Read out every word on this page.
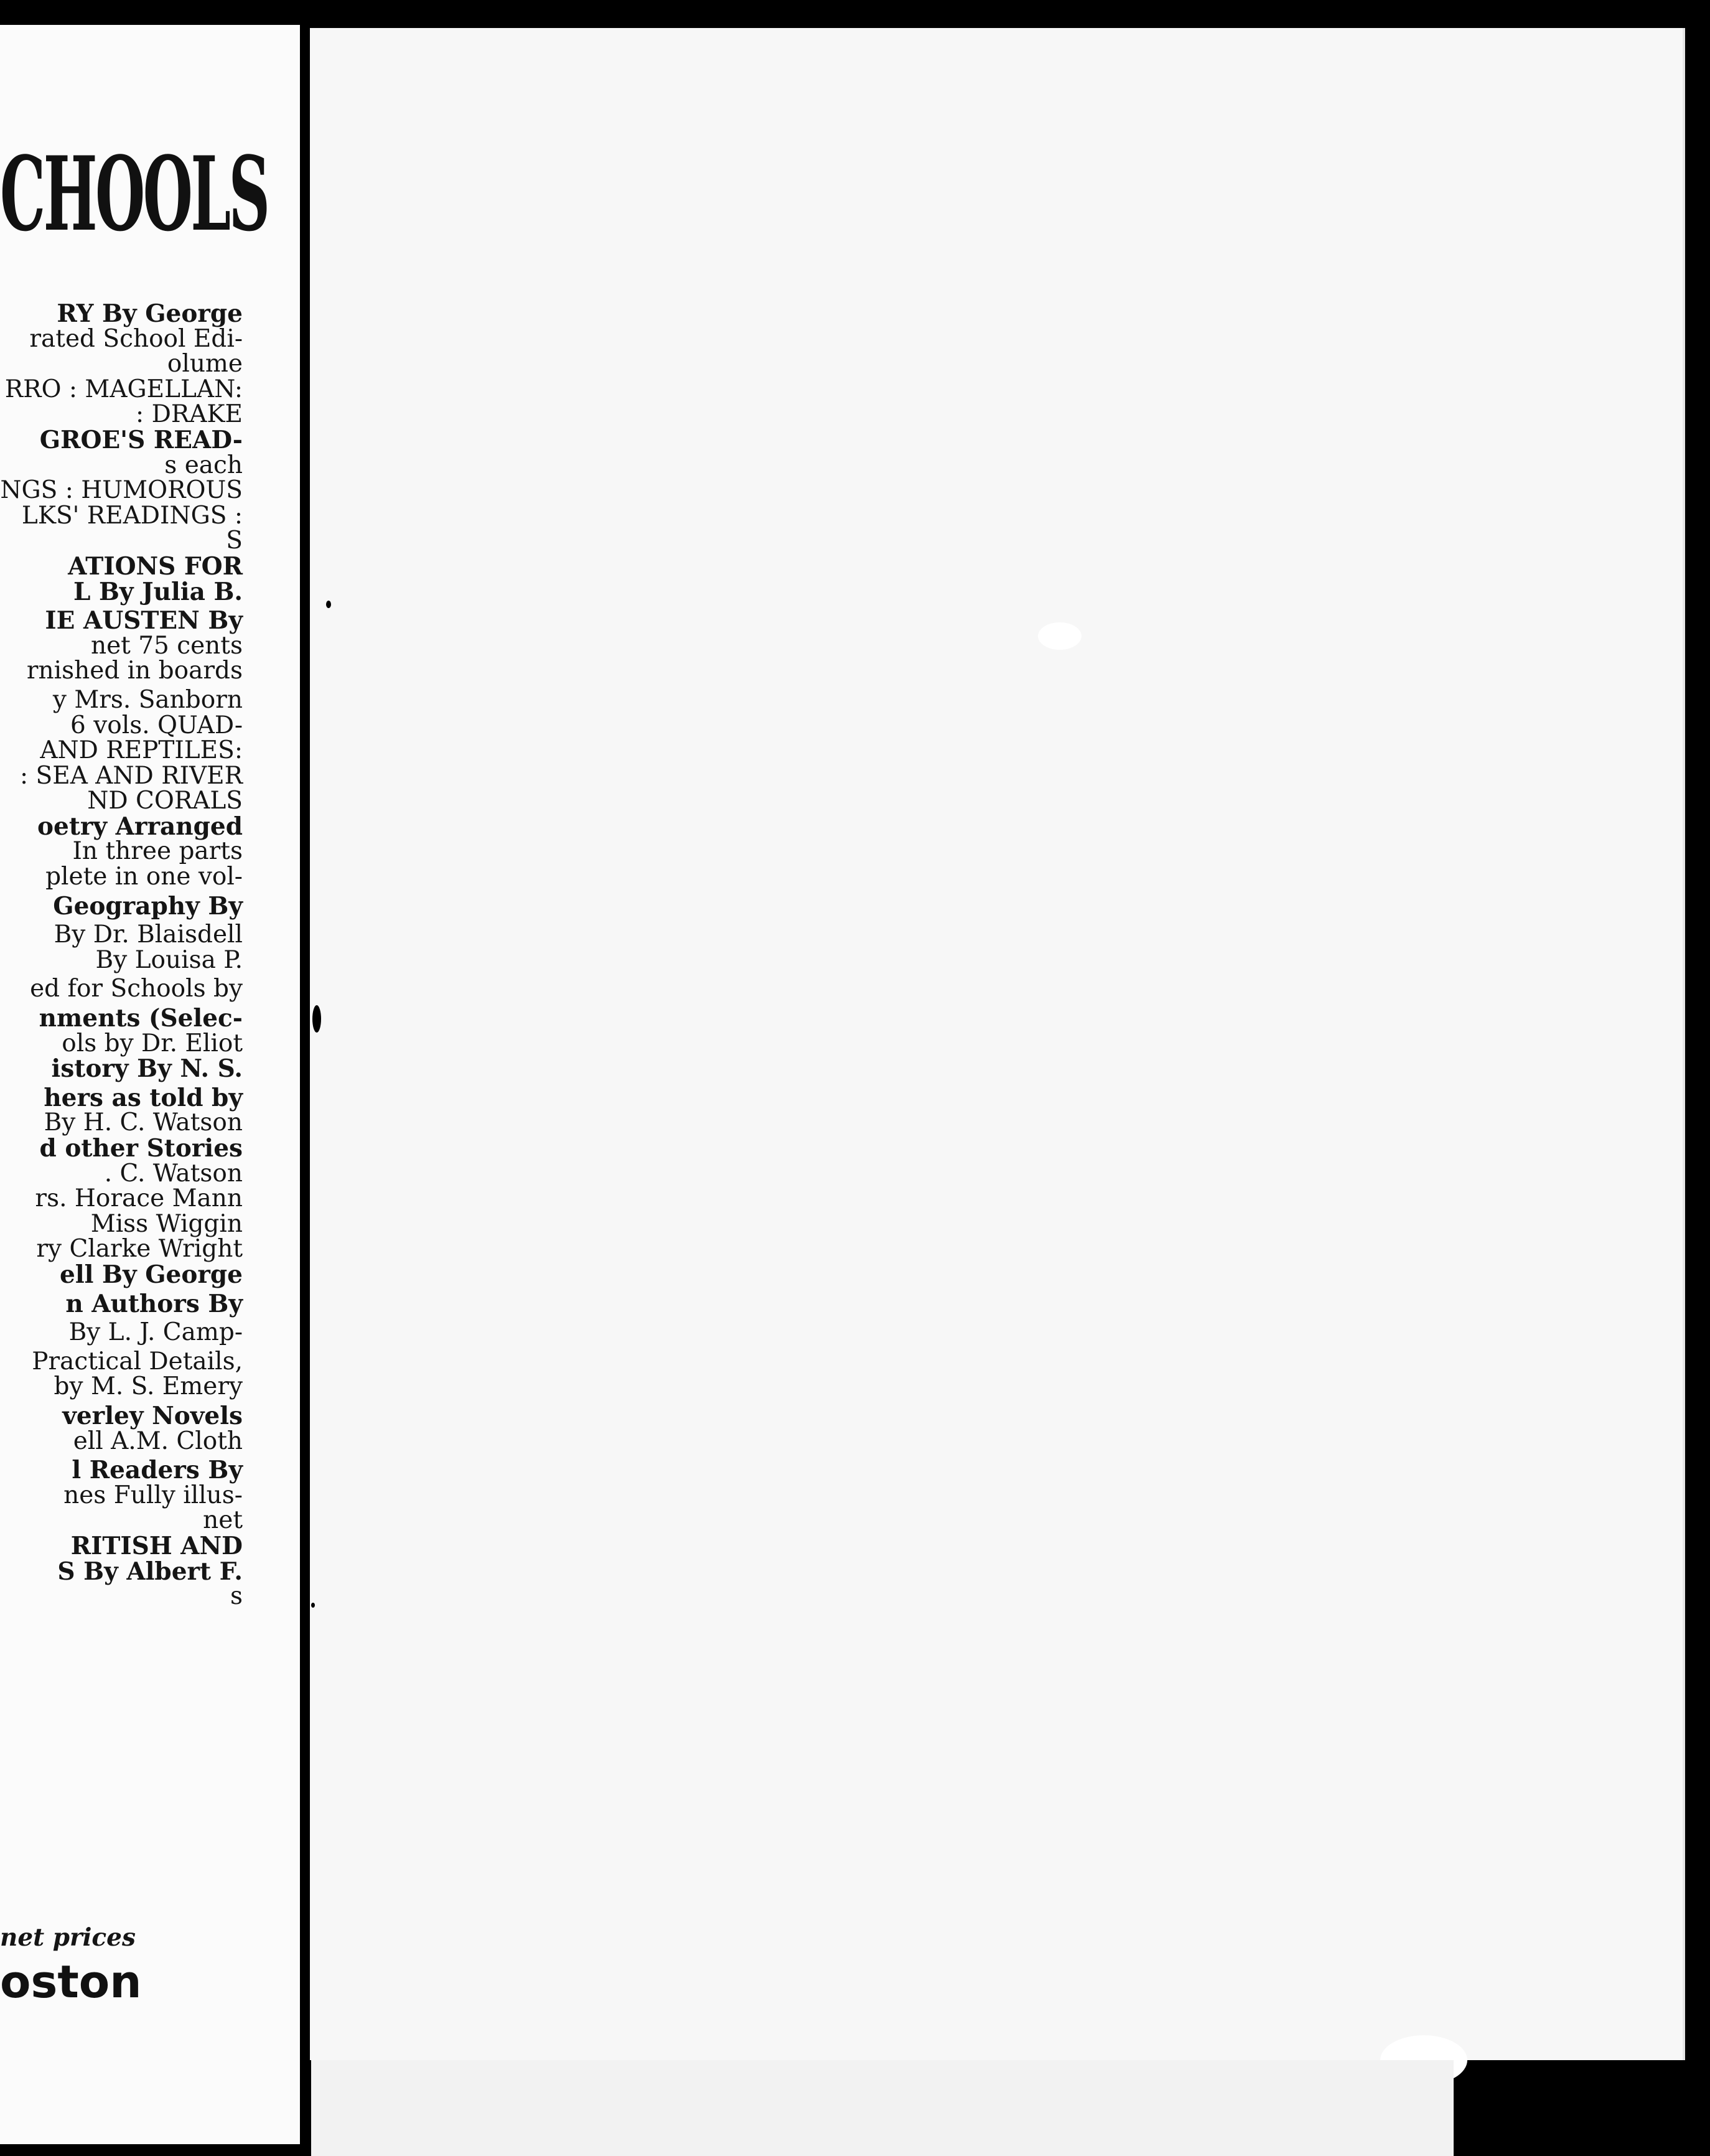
CHOOLS
RY By George
rated School Edi-
olume
RRO : MAGELLAN:
: DRAKE
GROE'S READ-
s each
NGS : HUMOROUS
LKS' READINGS :
S
ATIONS FOR
L By Julia B.
IE AUSTEN By
net 75 cents
rnished in boards
y Mrs. Sanborn
6 vols. QUAD-
AND REPTILES:
: SEA AND RIVER
ND CORALS
oetry Arranged
In three parts
plete in one vol-
Geography By
By Dr. Blaisdell
By Louisa P.
ed for Schools by
nments (Selec-
ols by Dr. Eliot
istory By N. S.
hers as told by
By H. C. Watson
d other Stories
. C. Watson
rs. Horace Mann
Miss Wiggin
ry Clarke Wright
ell By George
n Authors By
By L. J. Camp-
Practical Details,
by M. S. Emery
verley Novels
ell A.M. Cloth
l Readers By
nes Fully illus-
net
RITISH AND
S By Albert F.
s
net prices
oston
